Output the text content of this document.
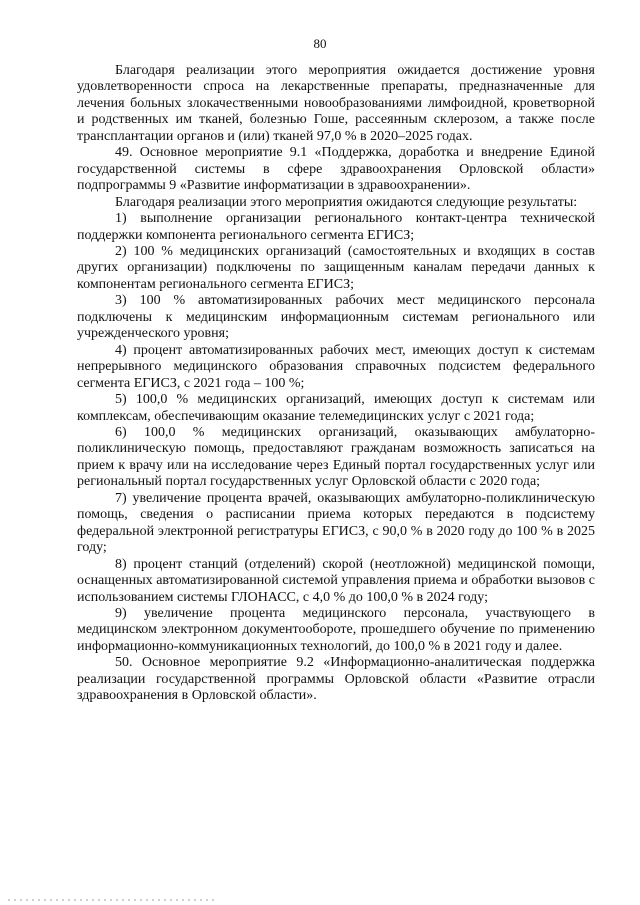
80

Благодаря реализации этого мероприятия ожидается достижение уровня удовлетворенности спроса на лекарственные препараты, предназначенные для лечения больных злокачественными новообразованиями лимфоидной, кроветворной и родственных им тканей, болезнью Гоше, рассеянным склерозом, а также после трансплантации органов и (или) тканей 97,0 % в 2020–2025 годах.

49. Основное мероприятие 9.1 «Поддержка, доработка и внедрение Единой государственной системы в сфере здравоохранения Орловской области» подпрограммы 9 «Развитие информатизации в здравоохранении».

Благодаря реализации этого мероприятия ожидаются следующие результаты:

1) выполнение организации регионального контакт-центра технической поддержки компонента регионального сегмента ЕГИСЗ;

2) 100 % медицинских организаций (самостоятельных и входящих в состав других организации) подключены по защищенным каналам передачи данных к компонентам регионального сегмента ЕГИСЗ;

3) 100 % автоматизированных рабочих мест медицинского персонала подключены к медицинским информационным системам регионального или учрежденческого уровня;

4) процент автоматизированных рабочих мест, имеющих доступ к системам непрерывного медицинского образования справочных подсистем федерального сегмента ЕГИСЗ, с 2021 года – 100 %;

5) 100,0 % медицинских организаций, имеющих доступ к системам или комплексам, обеспечивающим оказание телемедицинских услуг с 2021 года;

6) 100,0 % медицинских организаций, оказывающих амбулаторно-поликлиническую помощь, предоставляют гражданам возможность записаться на прием к врачу или на исследование через Единый портал государственных услуг или региональный портал государственных услуг Орловской области с 2020 года;

7) увеличение процента врачей, оказывающих амбулаторно-поликлиническую помощь, сведения о расписании приема которых передаются в подсистему федеральной электронной регистратуры ЕГИСЗ, с 90,0 % в 2020 году до 100 % в 2025 году;

8) процент станций (отделений) скорой (неотложной) медицинской помощи, оснащенных автоматизированной системой управления приема и обработки вызовов с использованием системы ГЛОНАСС, с 4,0 % до 100,0 % в 2024 году;

9) увеличение процента медицинского персонала, участвующего в медицинском электронном документообороте, прошедшего обучение по применению информационно-коммуникационных технологий, до 100,0 % в 2021 году и далее.

50. Основное мероприятие 9.2 «Информационно-аналитическая поддержка реализации государственной программы Орловской области «Развитие отрасли здравоохранения в Орловской области».
